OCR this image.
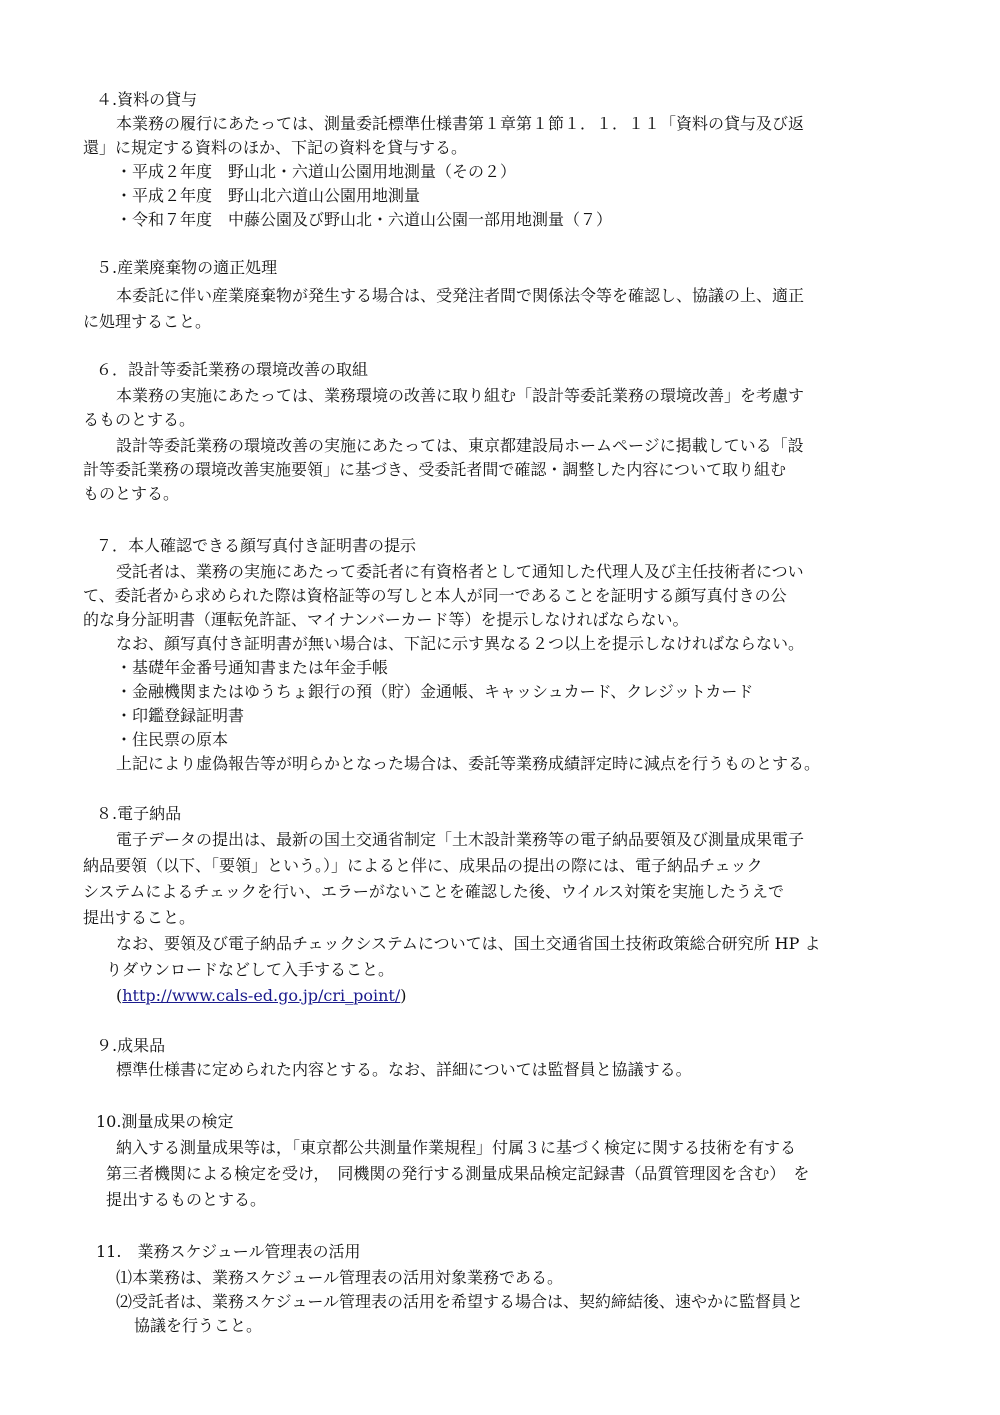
４.資料の貸与
本業務の履行にあたっては、測量委託標準仕様書第１章第１節１．１．１１「資料の貸与及び返
還」に規定する資料のほか、下記の資料を貸与する。
・平成２年度　野山北・六道山公園用地測量（その２）
・平成２年度　野山北六道山公園用地測量
・令和７年度　中藤公園及び野山北・六道山公園一部用地測量（７）
５.産業廃棄物の適正処理
本委託に伴い産業廃棄物が発生する場合は、受発注者間で関係法令等を確認し、協議の上、適正
に処理すること。
６．設計等委託業務の環境改善の取組
本業務の実施にあたっては、業務環境の改善に取り組む「設計等委託業務の環境改善」を考慮す
るものとする。
設計等委託業務の環境改善の実施にあたっては、東京都建設局ホームページに掲載している「設
計等委託業務の環境改善実施要領」に基づき、受委託者間で確認・調整した内容について取り組む
ものとする。
７．本人確認できる顔写真付き証明書の提示
受託者は、業務の実施にあたって委託者に有資格者として通知した代理人及び主任技術者につい
て、委託者から求められた際は資格証等の写しと本人が同一であることを証明する顔写真付きの公
的な身分証明書（運転免許証、マイナンバーカード等）を提示しなければならない。
なお、顔写真付き証明書が無い場合は、下記に示す異なる２つ以上を提示しなければならない。
・基礎年金番号通知書または年金手帳
・金融機関またはゆうちょ銀行の預（貯）金通帳、キャッシュカード、クレジットカード
・印鑑登録証明書
・住民票の原本
上記により虚偽報告等が明らかとなった場合は、委託等業務成績評定時に減点を行うものとする。
８.電子納品
電子データの提出は、最新の国土交通省制定「土木設計業務等の電子納品要領及び測量成果電子
納品要領（以下、「要領」という。）」によると伴に、成果品の提出の際には、電子納品チェック
システムによるチェックを行い、エラーがないことを確認した後、ウイルス対策を実施したうえで
提出すること。
なお、要領及び電子納品チェックシステムについては、国土交通省国土技術政策総合研究所 HP よ
りダウンロードなどして入手すること。
(http://www.cals-ed.go.jp/cri_point/)
９.成果品
標準仕様書に定められた内容とする。なお、詳細については監督員と協議する。
10.測量成果の検定
納入する測量成果等は，「東京都公共測量作業規程」付属３に基づく検定に関する技術を有する
第三者機関による検定を受け，　同機関の発行する測量成果品検定記録書（品質管理図を含む）　を
提出するものとする。
11.　業務スケジュール管理表の活用
⑴本業務は、業務スケジュール管理表の活用対象業務である。
⑵受託者は、業務スケジュール管理表の活用を希望する場合は、契約締結後、速やかに監督員と
協議を行うこと。
